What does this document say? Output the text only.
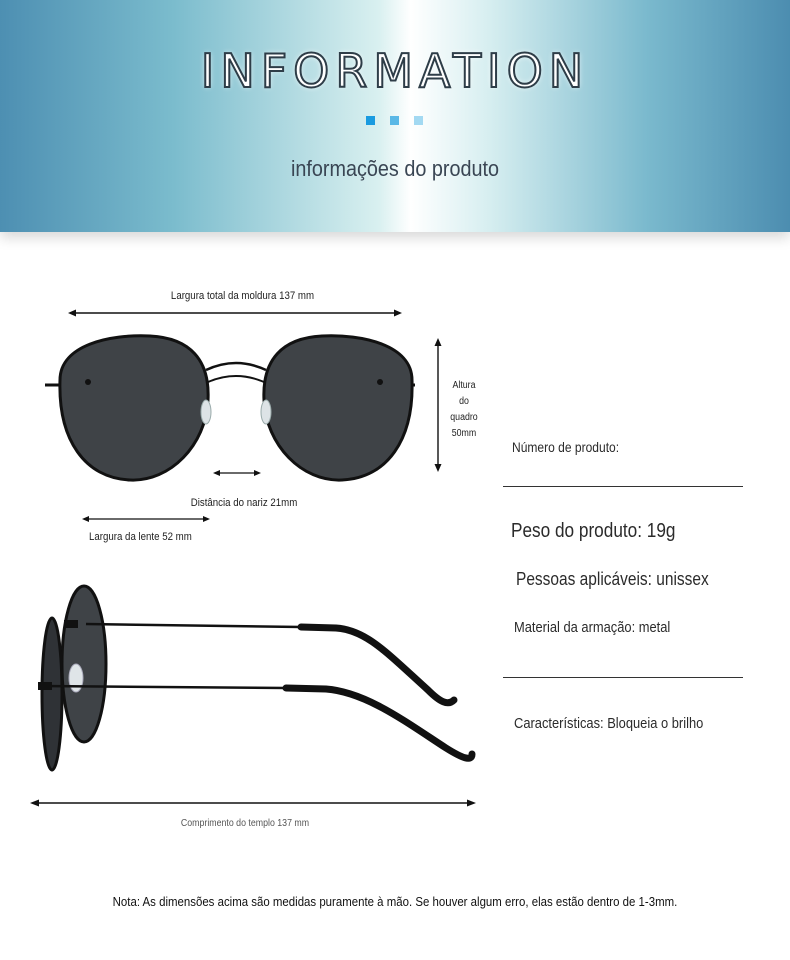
INFORMATION
informações do produto
Largura total da moldura 137 mm
Altura
do
quadro
50mm
Distância do nariz 21mm
Largura da lente 52 mm
Comprimento do templo 137 mm
Número de produto:
Peso do produto: 19g
Pessoas aplicáveis: unissex
Material da armação: metal
Características: Bloqueia o brilho
Nota: As dimensões acima são medidas puramente à mão. Se houver algum erro, elas estão dentro de 1-3mm.
